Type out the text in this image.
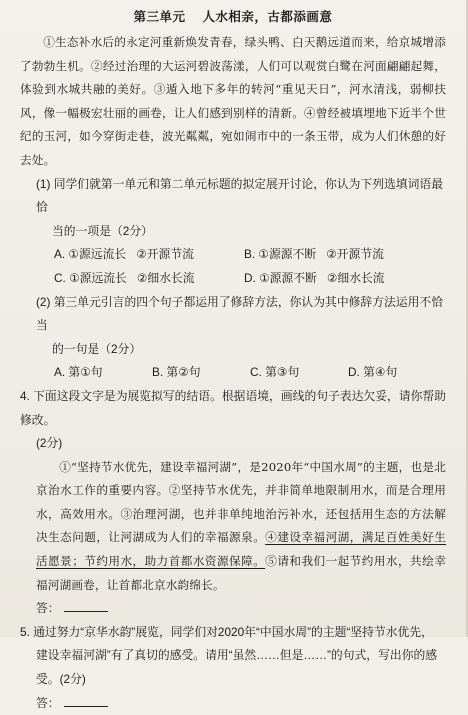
第三单元 人水相亲，古都添画意
①生态补水后的永定河重新焕发青春，绿头鸭、白天鹅远道而来，给京城增添了勃勃生机。②经过治理的大运河碧波荡漾，人们可以观赏白鹭在河面翩翩起舞，体验到水城共融的美好。③遁入地下多年的转河“重见天日”，河水清浅，弱柳扶风，像一幅极宏壮丽的画卷，让人们感到别样的清新。④曾经被填埋地下近半个世纪的玉河，如今穿街走巷，波光粼粼，宛如闹市中的一条玉带，成为人们休憩的好去处。
(1) 同学们就第一单元和第二单元标题的拟定展开讨论，你认为下列选填词语最恰
当的一项是（2分）
A. ①源远流长 ②开源节流	B. ①源源不断 ②开源节流
C. ①源远流长 ②细水长流	D. ①源源不断 ②细水长流
(2) 第三单元引言的四个句子都运用了修辞方法，你认为其中修辞方法运用不恰当
的一句是（2分）
A. 第①句	B. 第②句	C. 第③句	D. 第④句
4. 下面这段文字是为展览拟写的结语。根据语境，画线的句子表达欠妥，请你帮助修改。
(2分)
①“坚持节水优先，建设幸福河湖”，是2020年“中国水周”的主题，也是北京治水工作的重要内容。②坚持节水优先，并非简单地限制用水，而是合理用水，高效用水。③治理河湖，也并非单纯地治污补水，还包括用生态的方法解决生态问题，让河湖成为人们的幸福源泉。④建设幸福河湖，满足百姓美好生活愿景；节约用水，助力首都水资源保障。⑤请和我们一起节约用水，共绘幸福河湖画卷，让首都北京水韵绵长。
答：
5. 通过努力“京华水韵”展览，同学们对2020年“中国水周”的主题“坚持节水优先，
建设幸福河湖”有了真切的感受。请用“虽然……但是……”的句式，写出你的感
受。(2分)
答：
